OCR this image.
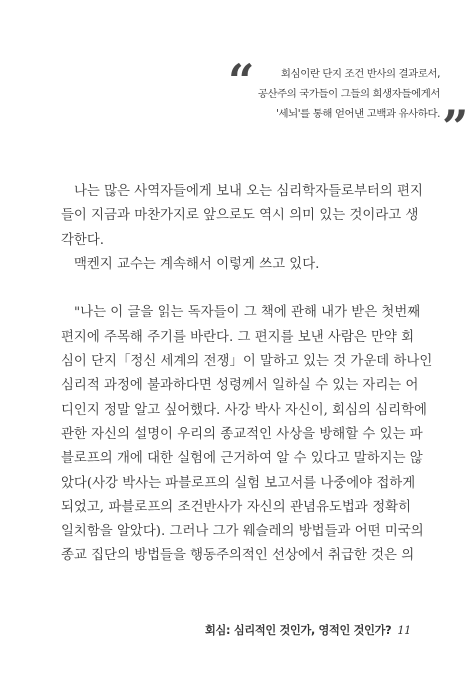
“	회심이란 단지 조건 반사의 결과로서,
공산주의 국가들이 그들의 희생자들에게서
'세뇌'를 통해 얻어낸 고백과 유사하다. ”
나는 많은 사역자들에게 보내 오는 심리학자들로부터의 편지
들이 지금과 마찬가지로 앞으로도 역시 의미 있는 것이라고 생
각한다.
맥켄지 교수는 계속해서 이렇게 쓰고 있다.
"나는 이 글을 읽는 독자들이 그 책에 관해 내가 받은 첫번째
편지에 주목해 주기를 바란다. 그 편지를 보낸 사람은 만약 회
심이 단지「정신 세계의 전쟁」이 말하고 있는 것 가운데 하나인
심리적 과정에 불과하다면 성령께서 일하실 수 있는 자리는 어
디인지 정말 알고 싶어했다. 사강 박사 자신이, 회심의 심리학에
관한 자신의 설명이 우리의 종교적인 사상을 방해할 수 있는 파
블로프의 개에 대한 실험에 근거하여 알 수 있다고 말하지는 않
았다(사강 박사는 파블로프의 실험 보고서를 나중에야 접하게
되었고, 파블로프의 조건반사가 자신의 관념유도법과 정확히
일치함을 알았다). 그러나 그가 웨슬레의 방법들과 어떤 미국의
종교 집단의 방법들을 행동주의적인 선상에서 취급한 것은 의
회심: 심리적인 것인가, 영적인 것인가? 11
